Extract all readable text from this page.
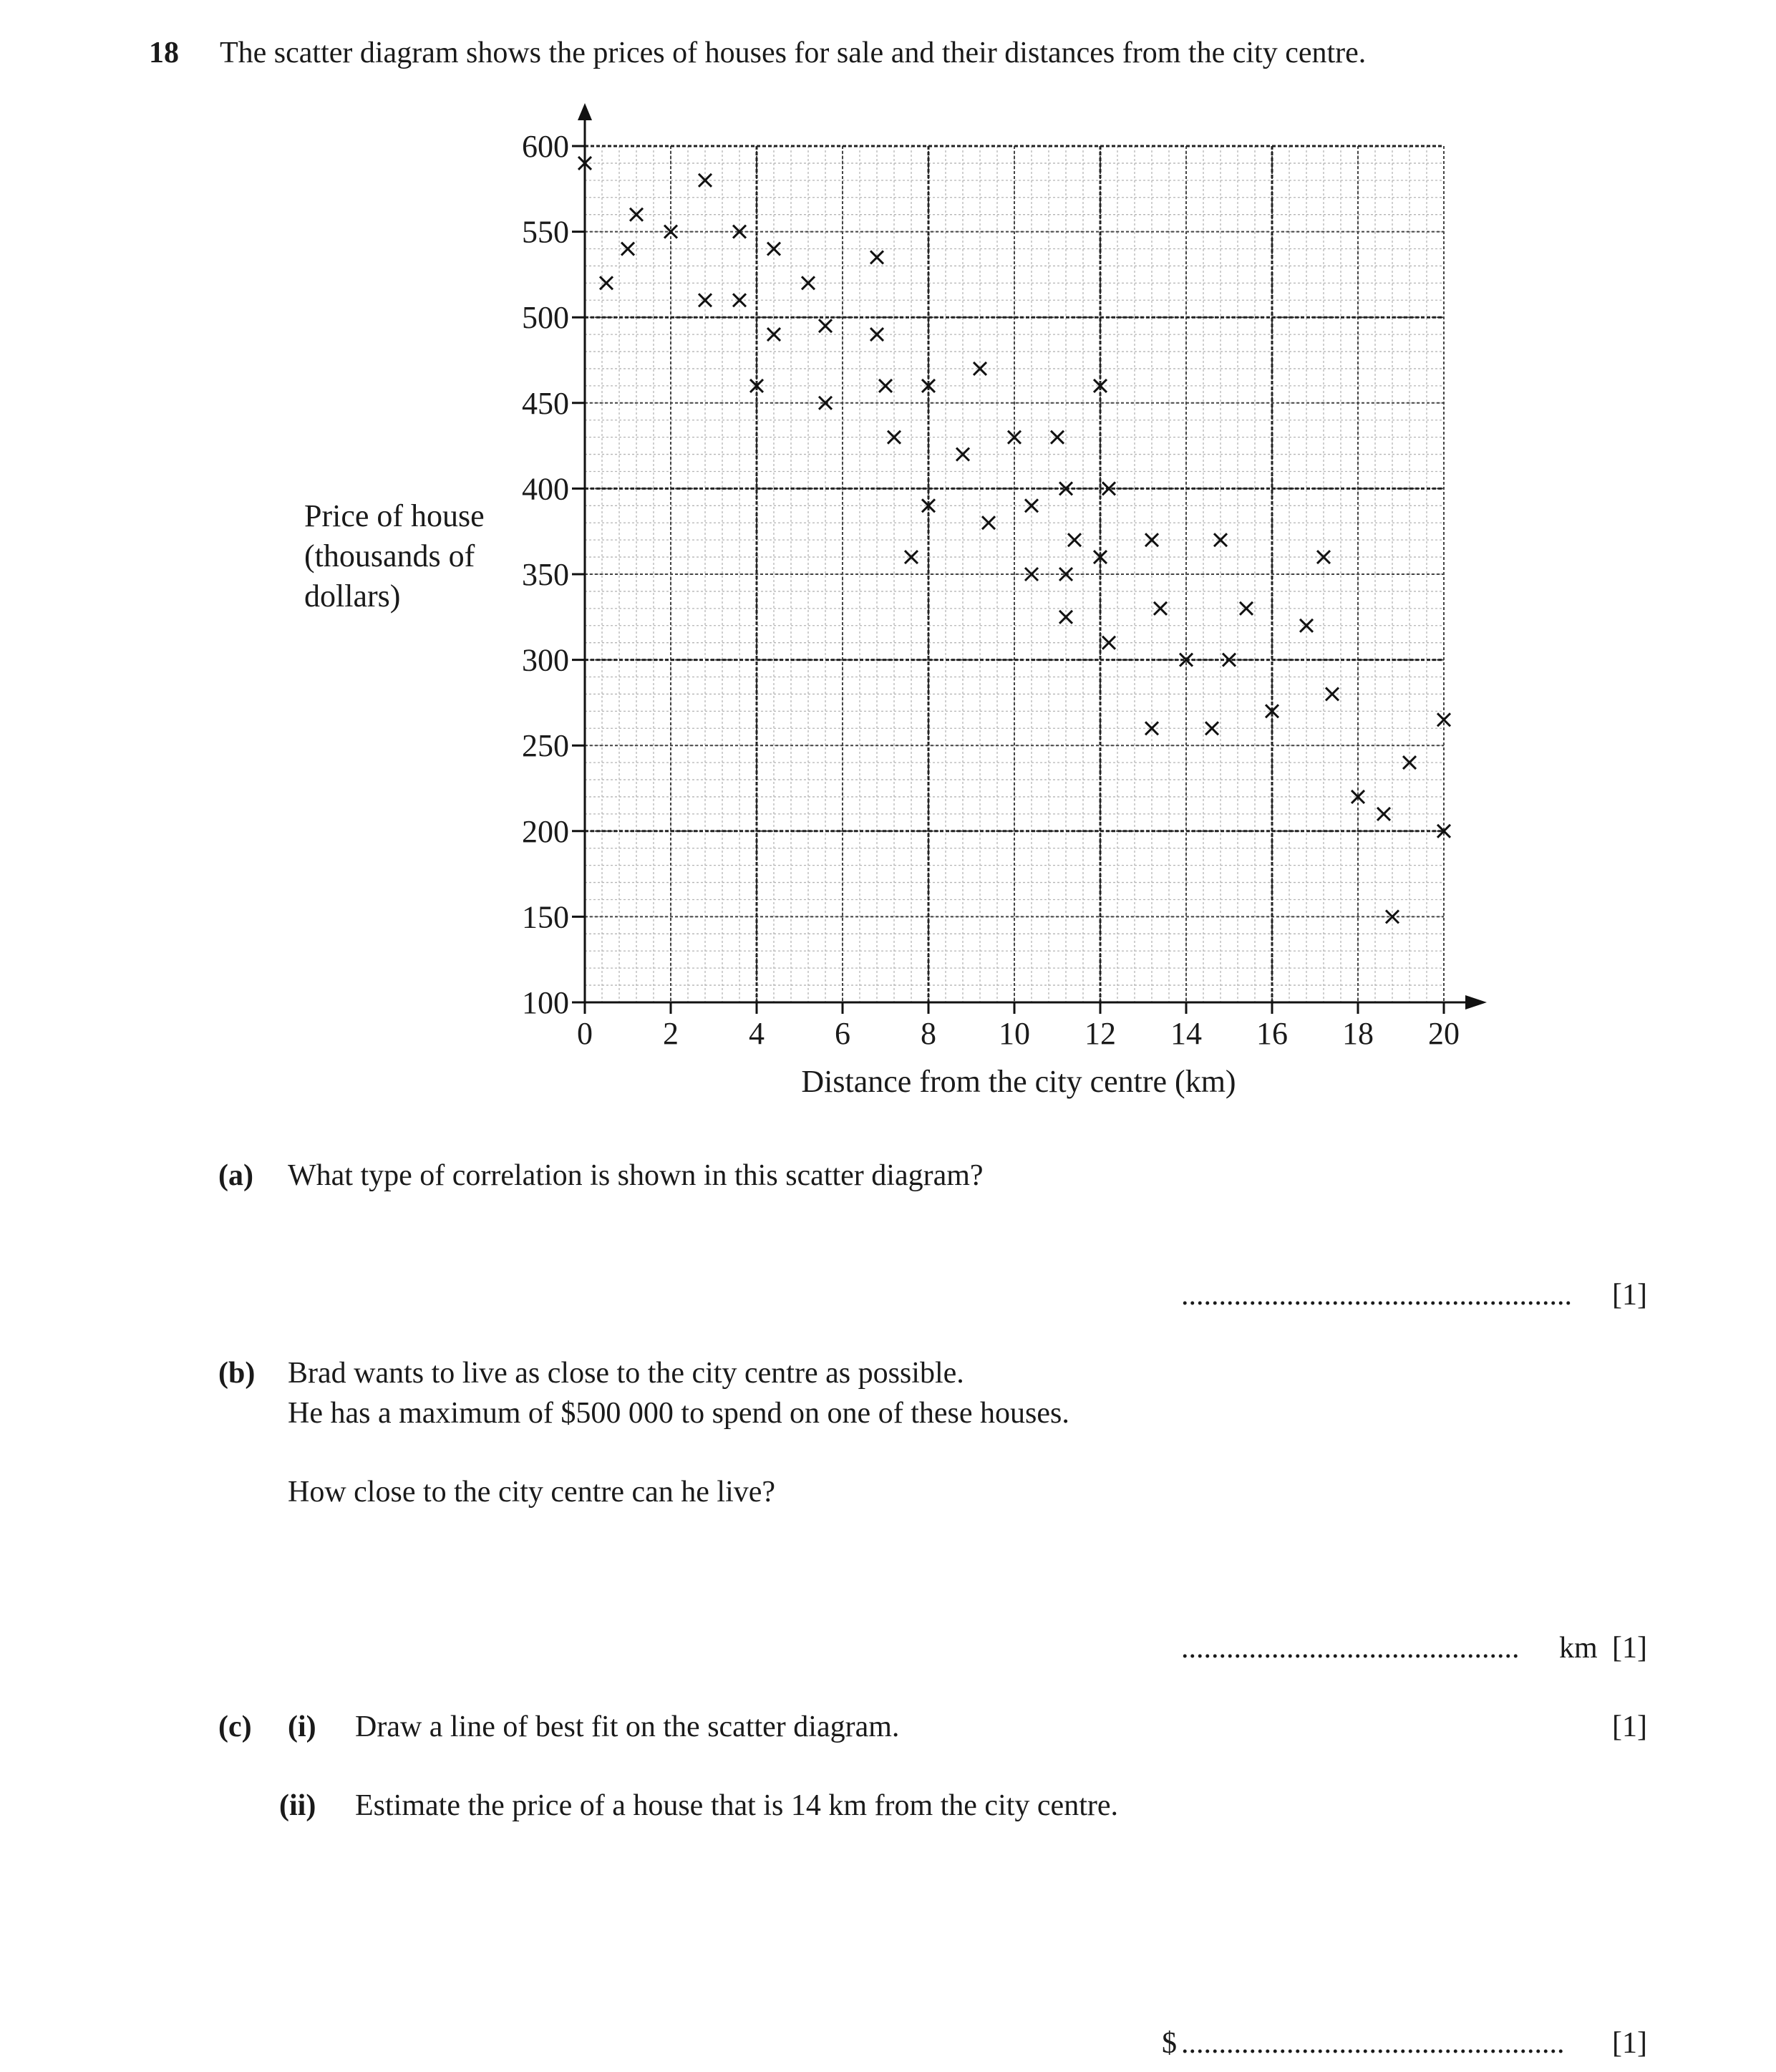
18 The scatter diagram shows the prices of houses for sale and their distances from the city centre.
Price of house (thousands of dollars)
100
150
200
250
300
350
400
450
500
550
600
0 2 4 6 8 10 12 14 16 18 20
Distance from the city centre (km)
(a) What type of correlation is shown in this scatter diagram?
.................................................... [1]
(b) Brad wants to live as close to the city centre as possible.
He has a maximum of $500 000 to spend on one of these houses.
How close to the city centre can he live?
............................................. km [1]
(c) (i) Draw a line of best fit on the scatter diagram.	[1]
(ii) Estimate the price of a house that is 14 km from the city centre.
$ ................................................... [1]
